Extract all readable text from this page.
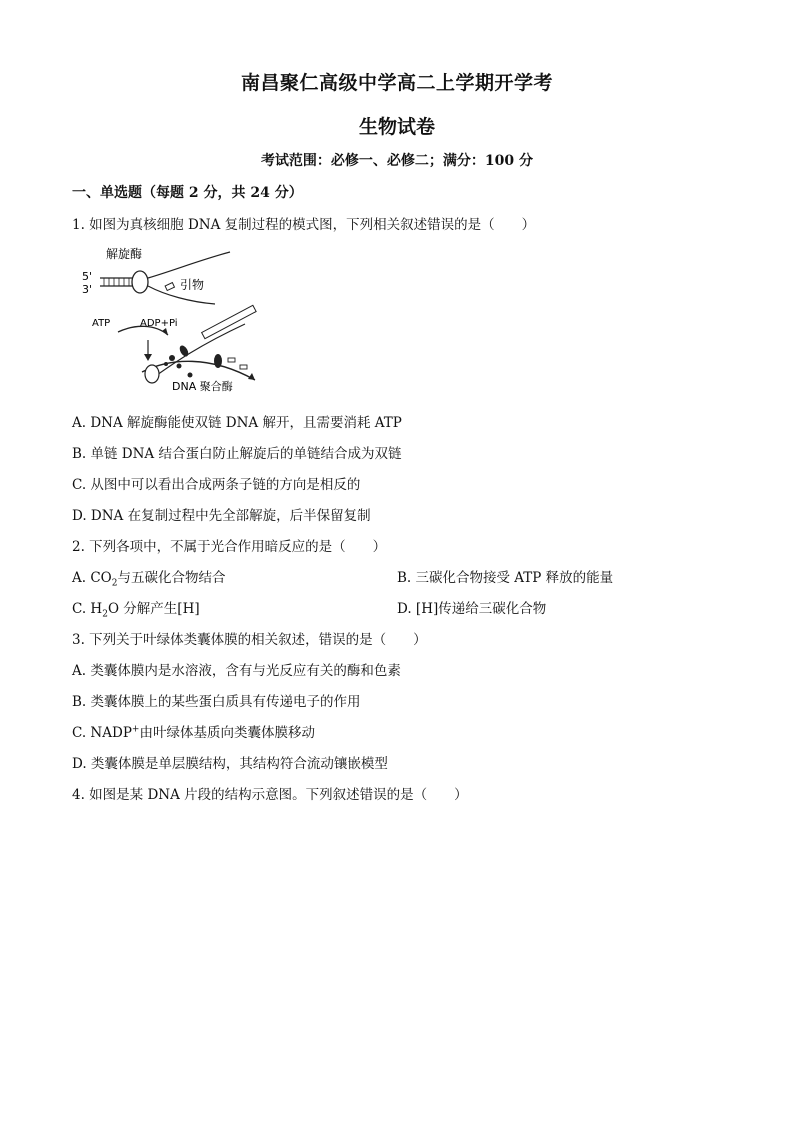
南昌聚仁高级中学高二上学期开学考
生物试卷
考试范围：必修一、必修二；满分：100 分
一、单选题（每题 2 分，共 24 分）
1. 如图为真核细胞 DNA 复制过程的模式图，下列相关叙述错误的是（　　）
解旋酶
5'
3'	引物
ATP	ADP+Pi
DNA 聚合酶
A. DNA 解旋酶能使双链 DNA 解开，且需要消耗 ATP
B. 单链 DNA 结合蛋白防止解旋后的单链结合成为双链
C. 从图中可以看出合成两条子链的方向是相反的
D. DNA 在复制过程中先全部解旋，后半保留复制
2. 下列各项中，不属于光合作用暗反应的是（　　）
A. $CO_2$与五碳化合物结合	B. 三碳化合物接受 ATP 释放的能量
C. $H_2O$ 分解产生[H]	D. [H]传递给三碳化合物
3. 下列关于叶绿体类囊体膜的相关叙述，错误的是（　　）
A. 类囊体膜内是水溶液，含有与光反应有关的酶和色素
B. 类囊体膜上的某些蛋白质具有传递电子的作用
C. NADP+由叶绿体基质向类囊体膜移动
D. 类囊体膜是单层膜结构，其结构符合流动镶嵌模型
4. 如图是某 DNA 片段的结构示意图。下列叙述错误的是（　　）
